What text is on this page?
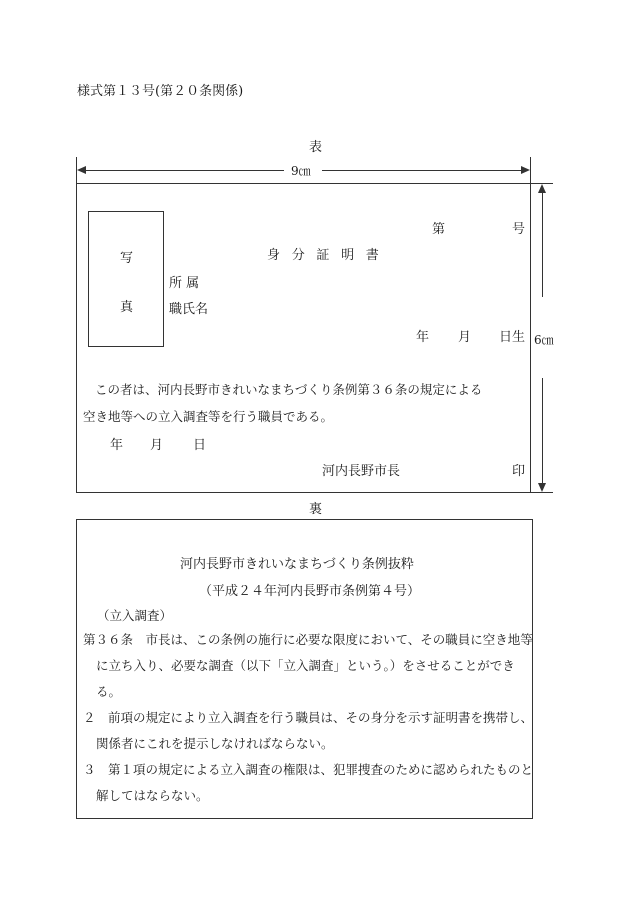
様式第１３号(第２０条関係)
表
9㎝
6㎝
写
真
第	号
身分証明書
所 属
職氏名
年 月 日生
この者は、河内長野市きれいなまちづくり条例第３６条の規定による
空き地等への立入調査等を行う職員である。
年 月 日
河内長野市長	印
裏
河内長野市きれいなまちづくり条例抜粋
（平成２４年河内長野市条例第４号）
（立入調査）

第３６条　市長は、この条例の施行に必要な限度において、その職員に空き地等に立ち入り、必要な調査（以下「立入調査」という。）をさせることができる。

２　前項の規定により立入調査を行う職員は、その身分を示す証明書を携帯し、関係者にこれを提示しなければならない。

３　第１項の規定による立入調査の権限は、犯罪捜査のために認められたものと解してはならない。
